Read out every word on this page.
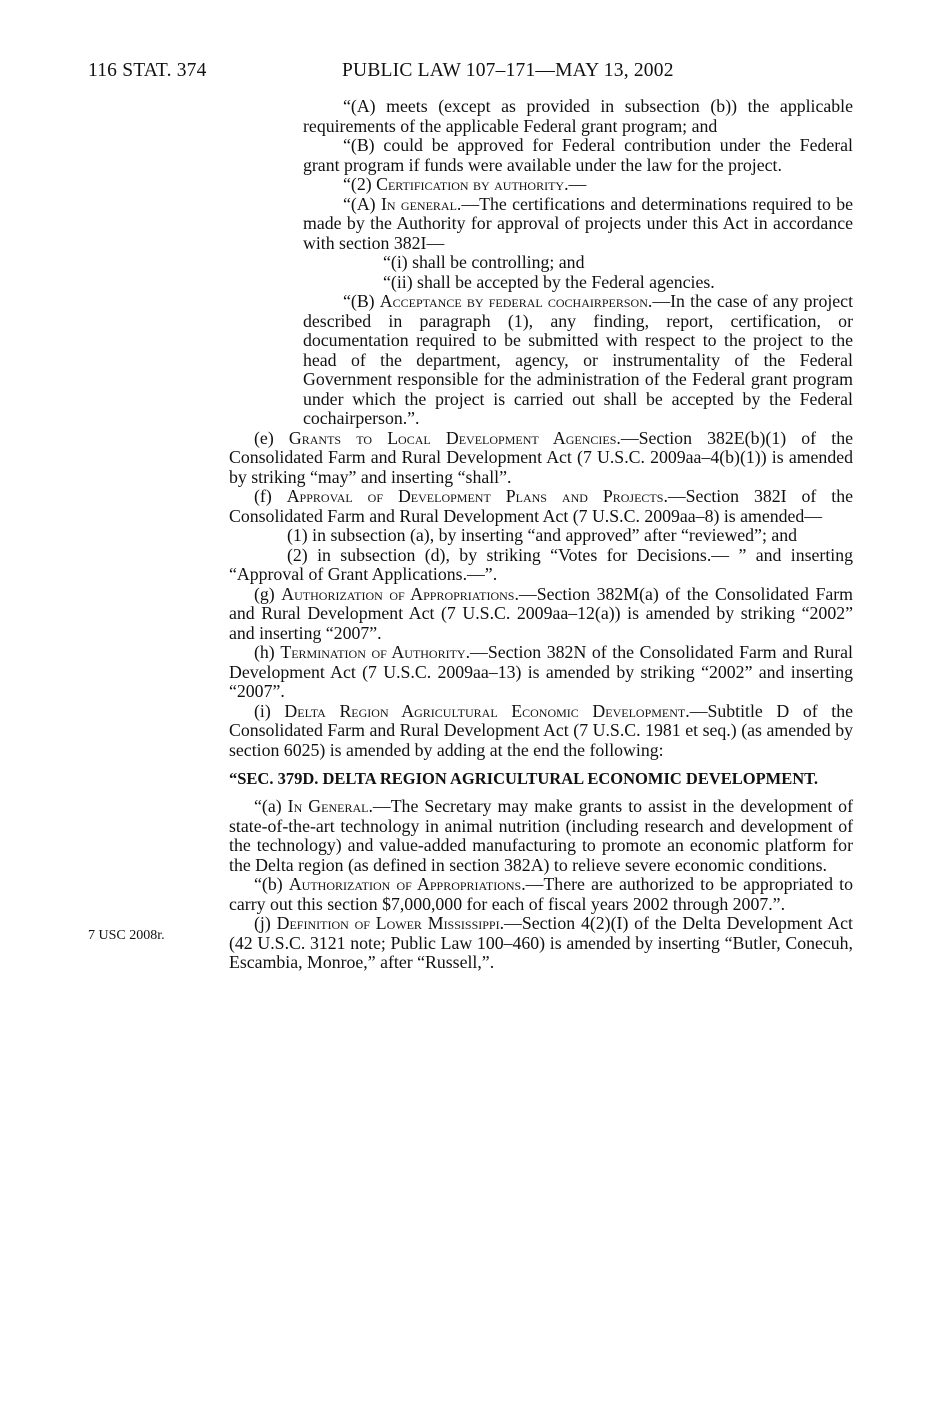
116 STAT. 374	PUBLIC LAW 107–171—MAY 13, 2002
7 USC 2008r.

“(A) meets (except as provided in subsection (b)) the applicable requirements of the applicable Federal grant program; and

“(B) could be approved for Federal contribution under the Federal grant program if funds were available under the law for the project.

“(2) Certification by authority.—

“(A) In general.—The certifications and determinations required to be made by the Authority for approval of projects under this Act in accordance with section 382I—

“(i) shall be controlling; and

“(ii) shall be accepted by the Federal agencies.

“(B) Acceptance by federal cochairperson.—In the case of any project described in paragraph (1), any finding, report, certification, or documentation required to be submitted with respect to the project to the head of the department, agency, or instrumentality of the Federal Government responsible for the administration of the Federal grant program under which the project is carried out shall be accepted by the Federal cochairperson.”.

(e) Grants to Local Development Agencies.—Section 382E(b)(1) of the Consolidated Farm and Rural Development Act (7 U.S.C. 2009aa–4(b)(1)) is amended by striking “may” and inserting “shall”.

(f) Approval of Development Plans and Projects.—Section 382I of the Consolidated Farm and Rural Development Act (7 U.S.C. 2009aa–8) is amended—

(1) in subsection (a), by inserting “and approved” after “reviewed”; and

(2) in subsection (d), by striking “Votes for Decisions.— ” and inserting “Approval of Grant Applications.—”.

(g) Authorization of Appropriations.—Section 382M(a) of the Consolidated Farm and Rural Development Act (7 U.S.C. 2009aa–12(a)) is amended by striking “2002” and inserting “2007”.

(h) Termination of Authority.—Section 382N of the Consolidated Farm and Rural Development Act (7 U.S.C. 2009aa–13) is amended by striking “2002” and inserting “2007”.

(i) Delta Region Agricultural Economic Development.—Subtitle D of the Consolidated Farm and Rural Development Act (7 U.S.C. 1981 et seq.) (as amended by section 6025) is amended by adding at the end the following:

“SEC. 379D. DELTA REGION AGRICULTURAL ECONOMIC DEVELOPMENT.

“(a) In General.—The Secretary may make grants to assist in the development of state-of-the-art technology in animal nutrition (including research and development of the technology) and value-added manufacturing to promote an economic platform for the Delta region (as defined in section 382A) to relieve severe economic conditions.

“(b) Authorization of Appropriations.—There are authorized to be appropriated to carry out this section $7,000,000 for each of fiscal years 2002 through 2007.”.

(j) Definition of Lower Mississippi.—Section 4(2)(I) of the Delta Development Act (42 U.S.C. 3121 note; Public Law 100–460) is amended by inserting “Butler, Conecuh, Escambia, Monroe,” after “Russell,”.
